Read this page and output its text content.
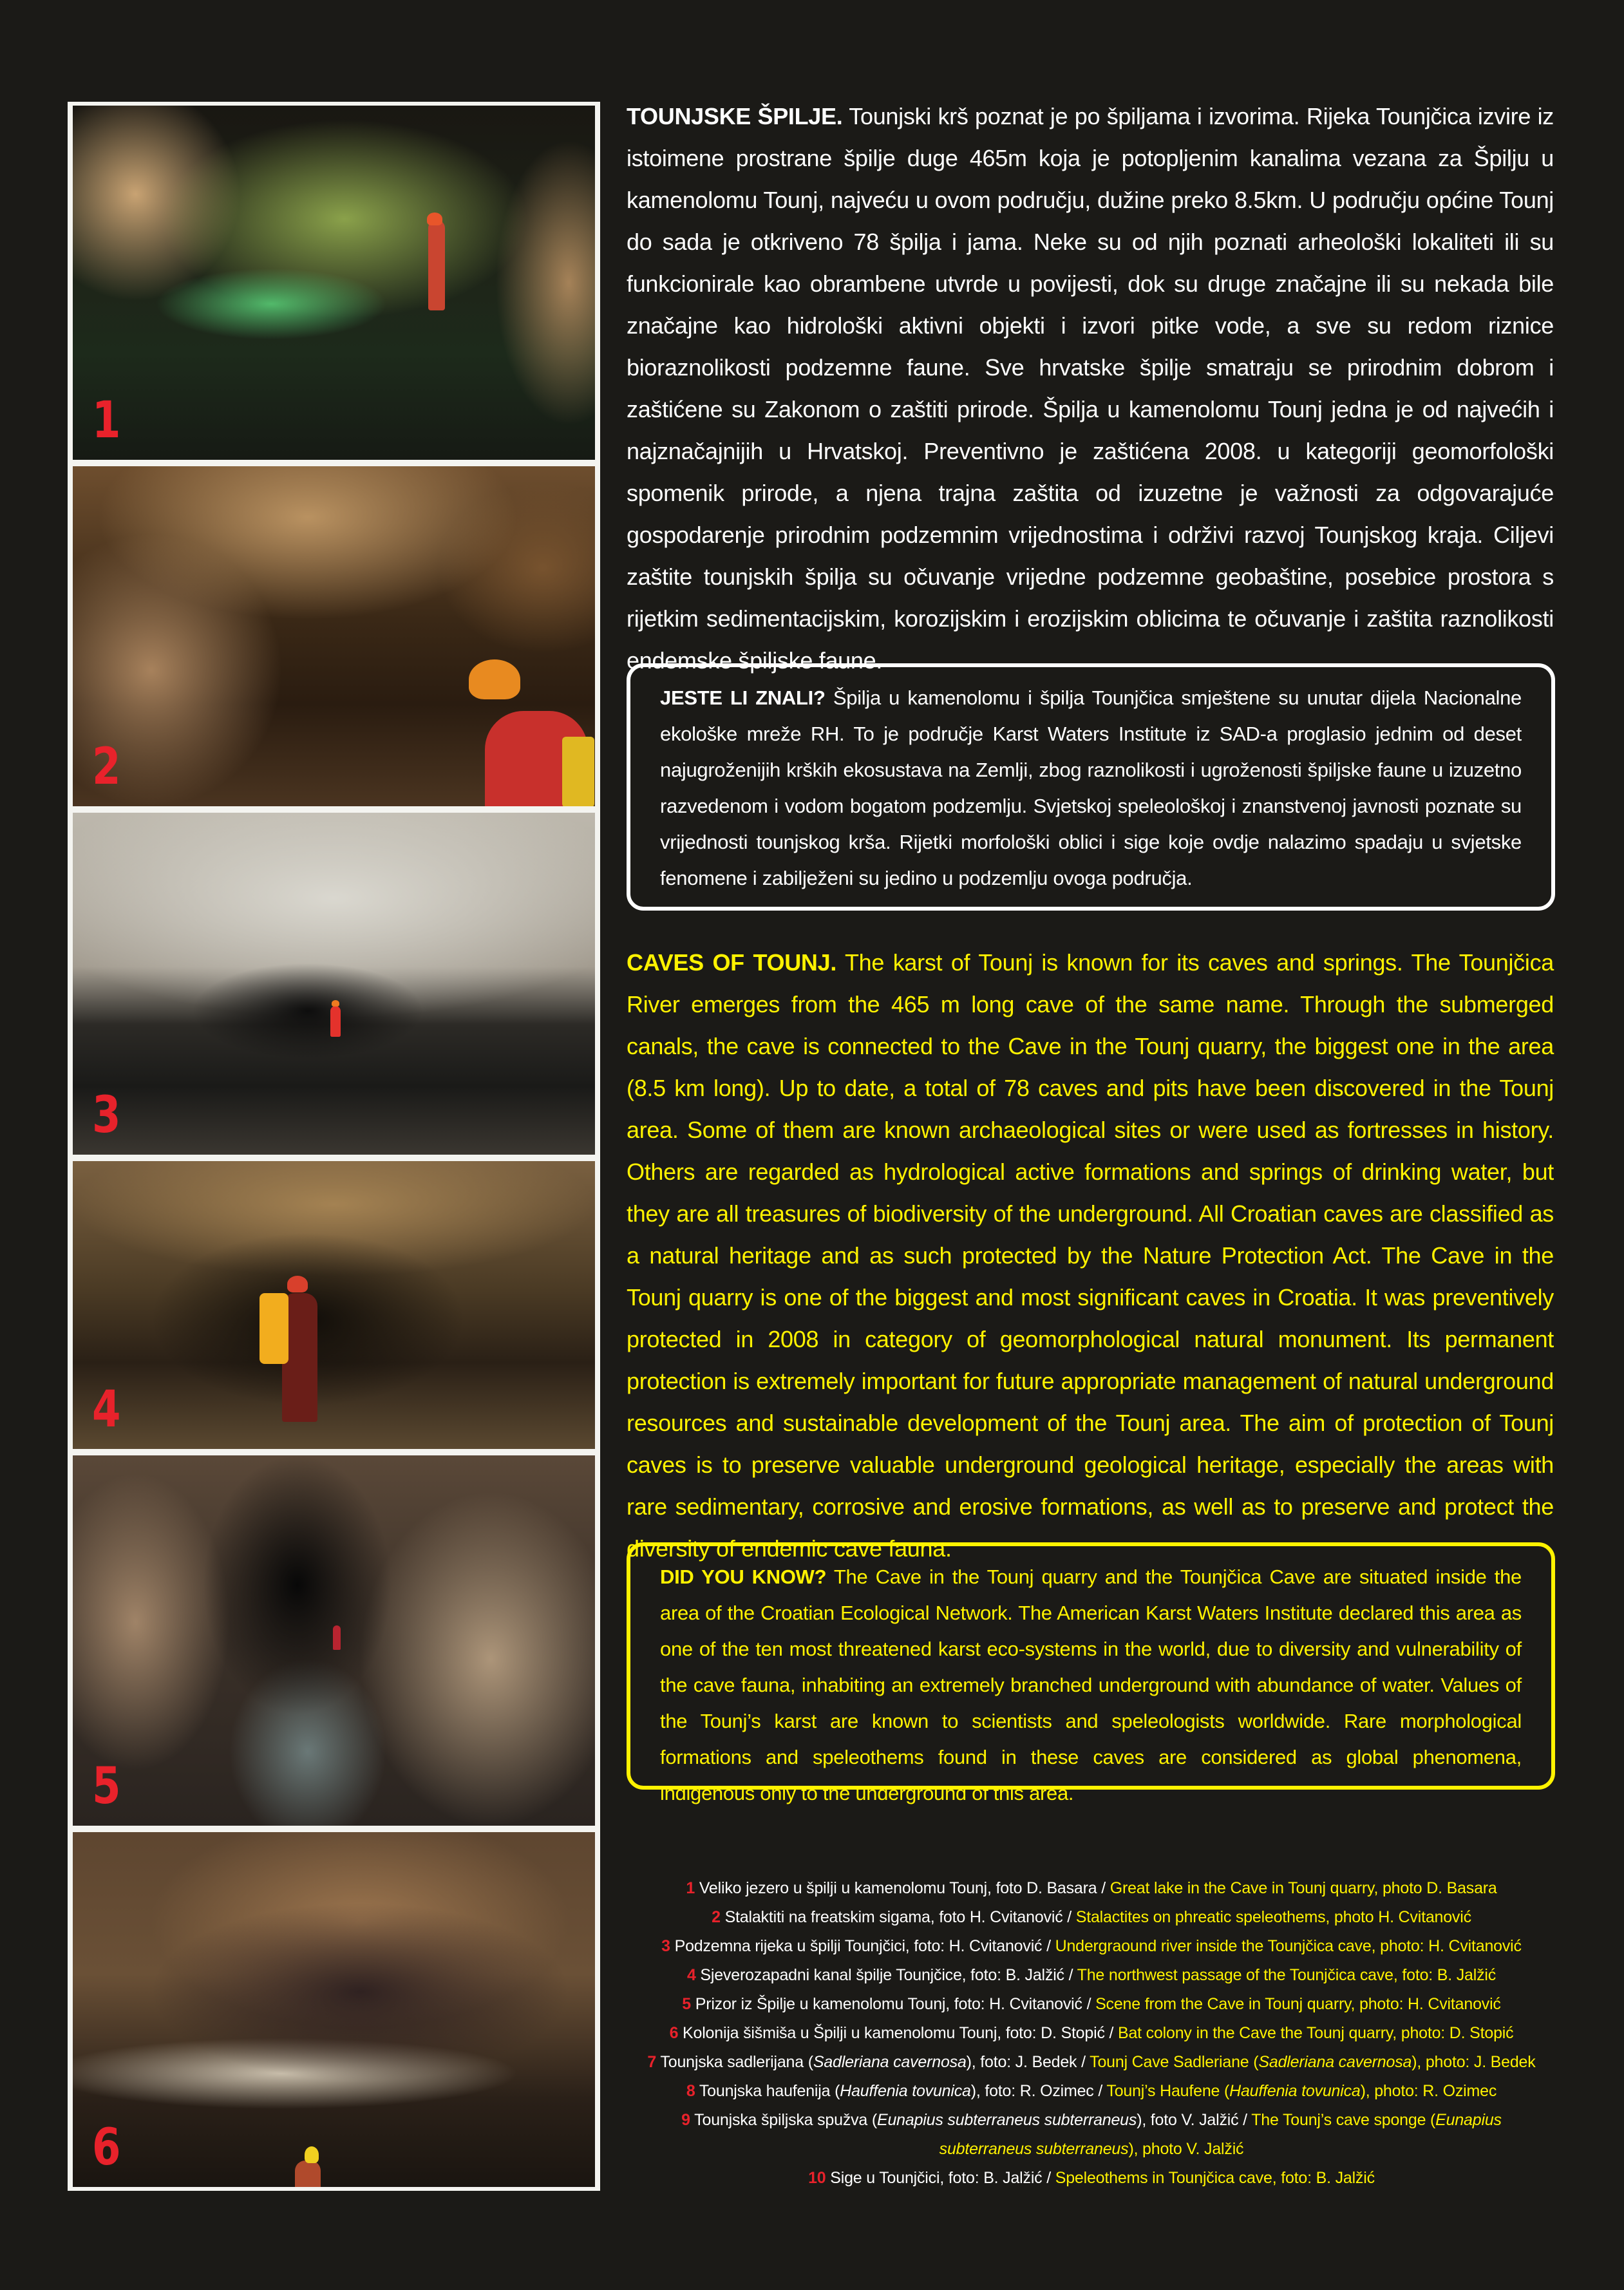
1
2
3
4
5
6

TOUNJSKE ŠPILJE. Tounjski krš poznat je po špiljama i izvorima. Rijeka Tounjčica izvire iz istoimene prostrane špilje duge 465m koja je potopljenim kanalima vezana za Špilju u kamenolomu Tounj, najveću u ovom području, dužine preko 8.5km. U području općine Tounj do sada je otkriveno 78 špilja i jama. Neke su od njih poznati arheološki lokaliteti ili su funkcionirale kao obrambene utvrde u povijesti, dok su druge značajne ili su nekada bile značajne kao hidrološki aktivni objekti i izvori pitke vode, a sve su redom riznice bioraznolikosti podzemne faune. Sve hrvatske špilje smatraju se prirodnim dobrom i zaštićene su Zakonom o zaštiti prirode. Špilja u kamenolomu Tounj jedna je od najvećih i najznačajnijih u Hrvatskoj. Preventivno je zaštićena 2008. u kategoriji geomorfološki spomenik prirode, a njena trajna zaštita od izuzetne je važnosti za odgovarajuće gospodarenje prirodnim podzemnim vrijednostima i održivi razvoj Tounjskog kraja. Ciljevi zaštite tounjskih špilja su očuvanje vrijedne podzemne geobaštine, posebice prostora s rijetkim sedimentacijskim, korozijskim i erozijskim oblicima te očuvanje i zaštita raznolikosti endemske špiljske faune.

JESTE LI ZNALI? Špilja u kamenolomu i špilja Tounjčica smještene su unutar dijela Nacionalne ekološke mreže RH. To je područje Karst Waters Institute iz SAD-a proglasio jednim od deset najugroženijih krških ekosustava na Zemlji, zbog raznolikosti i ugroženosti špiljske faune u izuzetno razvedenom i vodom bogatom podzemlju. Svjetskoj speleološkoj i znanstvenoj javnosti poznate su vrijednosti tounjskog krša. Rijetki morfološki oblici i sige koje ovdje nalazimo spadaju u svjetske fenomene i zabilježeni su jedino u podzemlju ovoga područja.

CAVES OF TOUNJ. The karst of Tounj is known for its caves and springs. The Tounjčica River emerges from the 465 m long cave of the same name. Through the submerged canals, the cave is connected to the Cave in the Tounj quarry, the biggest one in the area (8.5 km long). Up to date, a total of 78 caves and pits have been discovered in the Tounj area. Some of them are known archaeological sites or were used as fortresses in history. Others are regarded as hydrological active formations and springs of drinking water, but they are all treasures of biodiversity of the underground. All Croatian caves are classified as a natural heritage and as such protected by the Nature Protection Act. The Cave in the Tounj quarry is one of the biggest and most significant caves in Croatia. It was preventively protected in 2008 in category of geomorphological natural monument. Its permanent protection is extremely important for future appropriate management of natural underground resources and sustainable development of the Tounj area. The aim of protection of Tounj caves is to preserve valuable underground geological heritage, especially the areas with rare sedimentary, corrosive and erosive formations, as well as to preserve and protect the diversity of endemic cave fauna.

DID YOU KNOW? The Cave in the Tounj quarry and the Tounjčica Cave are situated inside the area of the Croatian Ecological Network. The American Karst Waters Institute declared this area as one of the ten most threatened karst eco-systems in the world, due to diversity and vulnerability of the cave fauna, inhabiting an extremely branched underground with abundance of water. Values of the Tounj’s karst are known to scientists and speleologists worldwide. Rare morphological formations and speleothems found in these caves are considered as global phenomena, indigenous only to the underground of this area.

1 Veliko jezero u špilji u kamenolomu Tounj, foto D. Basara / Great lake in the Cave in Tounj quarry, photo D. Basara
2 Stalaktiti na freatskim sigama, foto H. Cvitanović / Stalactites on phreatic speleothems, photo H. Cvitanović
3 Podzemna rijeka u špilji Tounjčici, foto: H. Cvitanović / Undergraound river inside the Tounjčica cave, photo: H. Cvitanović
4 Sjeverozapadni kanal špilje Tounjčice, foto: B. Jalžić / The northwest passage of the Tounjčica cave, foto: B. Jalžić
5 Prizor iz Špilje u kamenolomu Tounj, foto: H. Cvitanović / Scene from the Cave in Tounj quarry, photo: H. Cvitanović
6 Kolonija šišmiša u Špilji u kamenolomu Tounj, foto: D. Stopić / Bat colony in the Cave the Tounj quarry, photo: D. Stopić
7 Tounjska sadlerijana (Sadleriana cavernosa), foto: J. Bedek / Tounj Cave Sadleriane (Sadleriana cavernosa), photo: J. Bedek
8 Tounjska haufenija (Hauffenia tovunica), foto: R. Ozimec / Tounj’s Haufene (Hauffenia tovunica), photo: R. Ozimec
9 Tounjska špiljska spužva (Eunapius subterraneus subterraneus), foto V. Jalžić / The Tounj’s cave sponge (Eunapius subterraneus subterraneus), photo V. Jalžić
10 Sige u Tounjčici, foto: B. Jalžić / Speleothems in Tounjčica cave, foto: B. Jalžić
